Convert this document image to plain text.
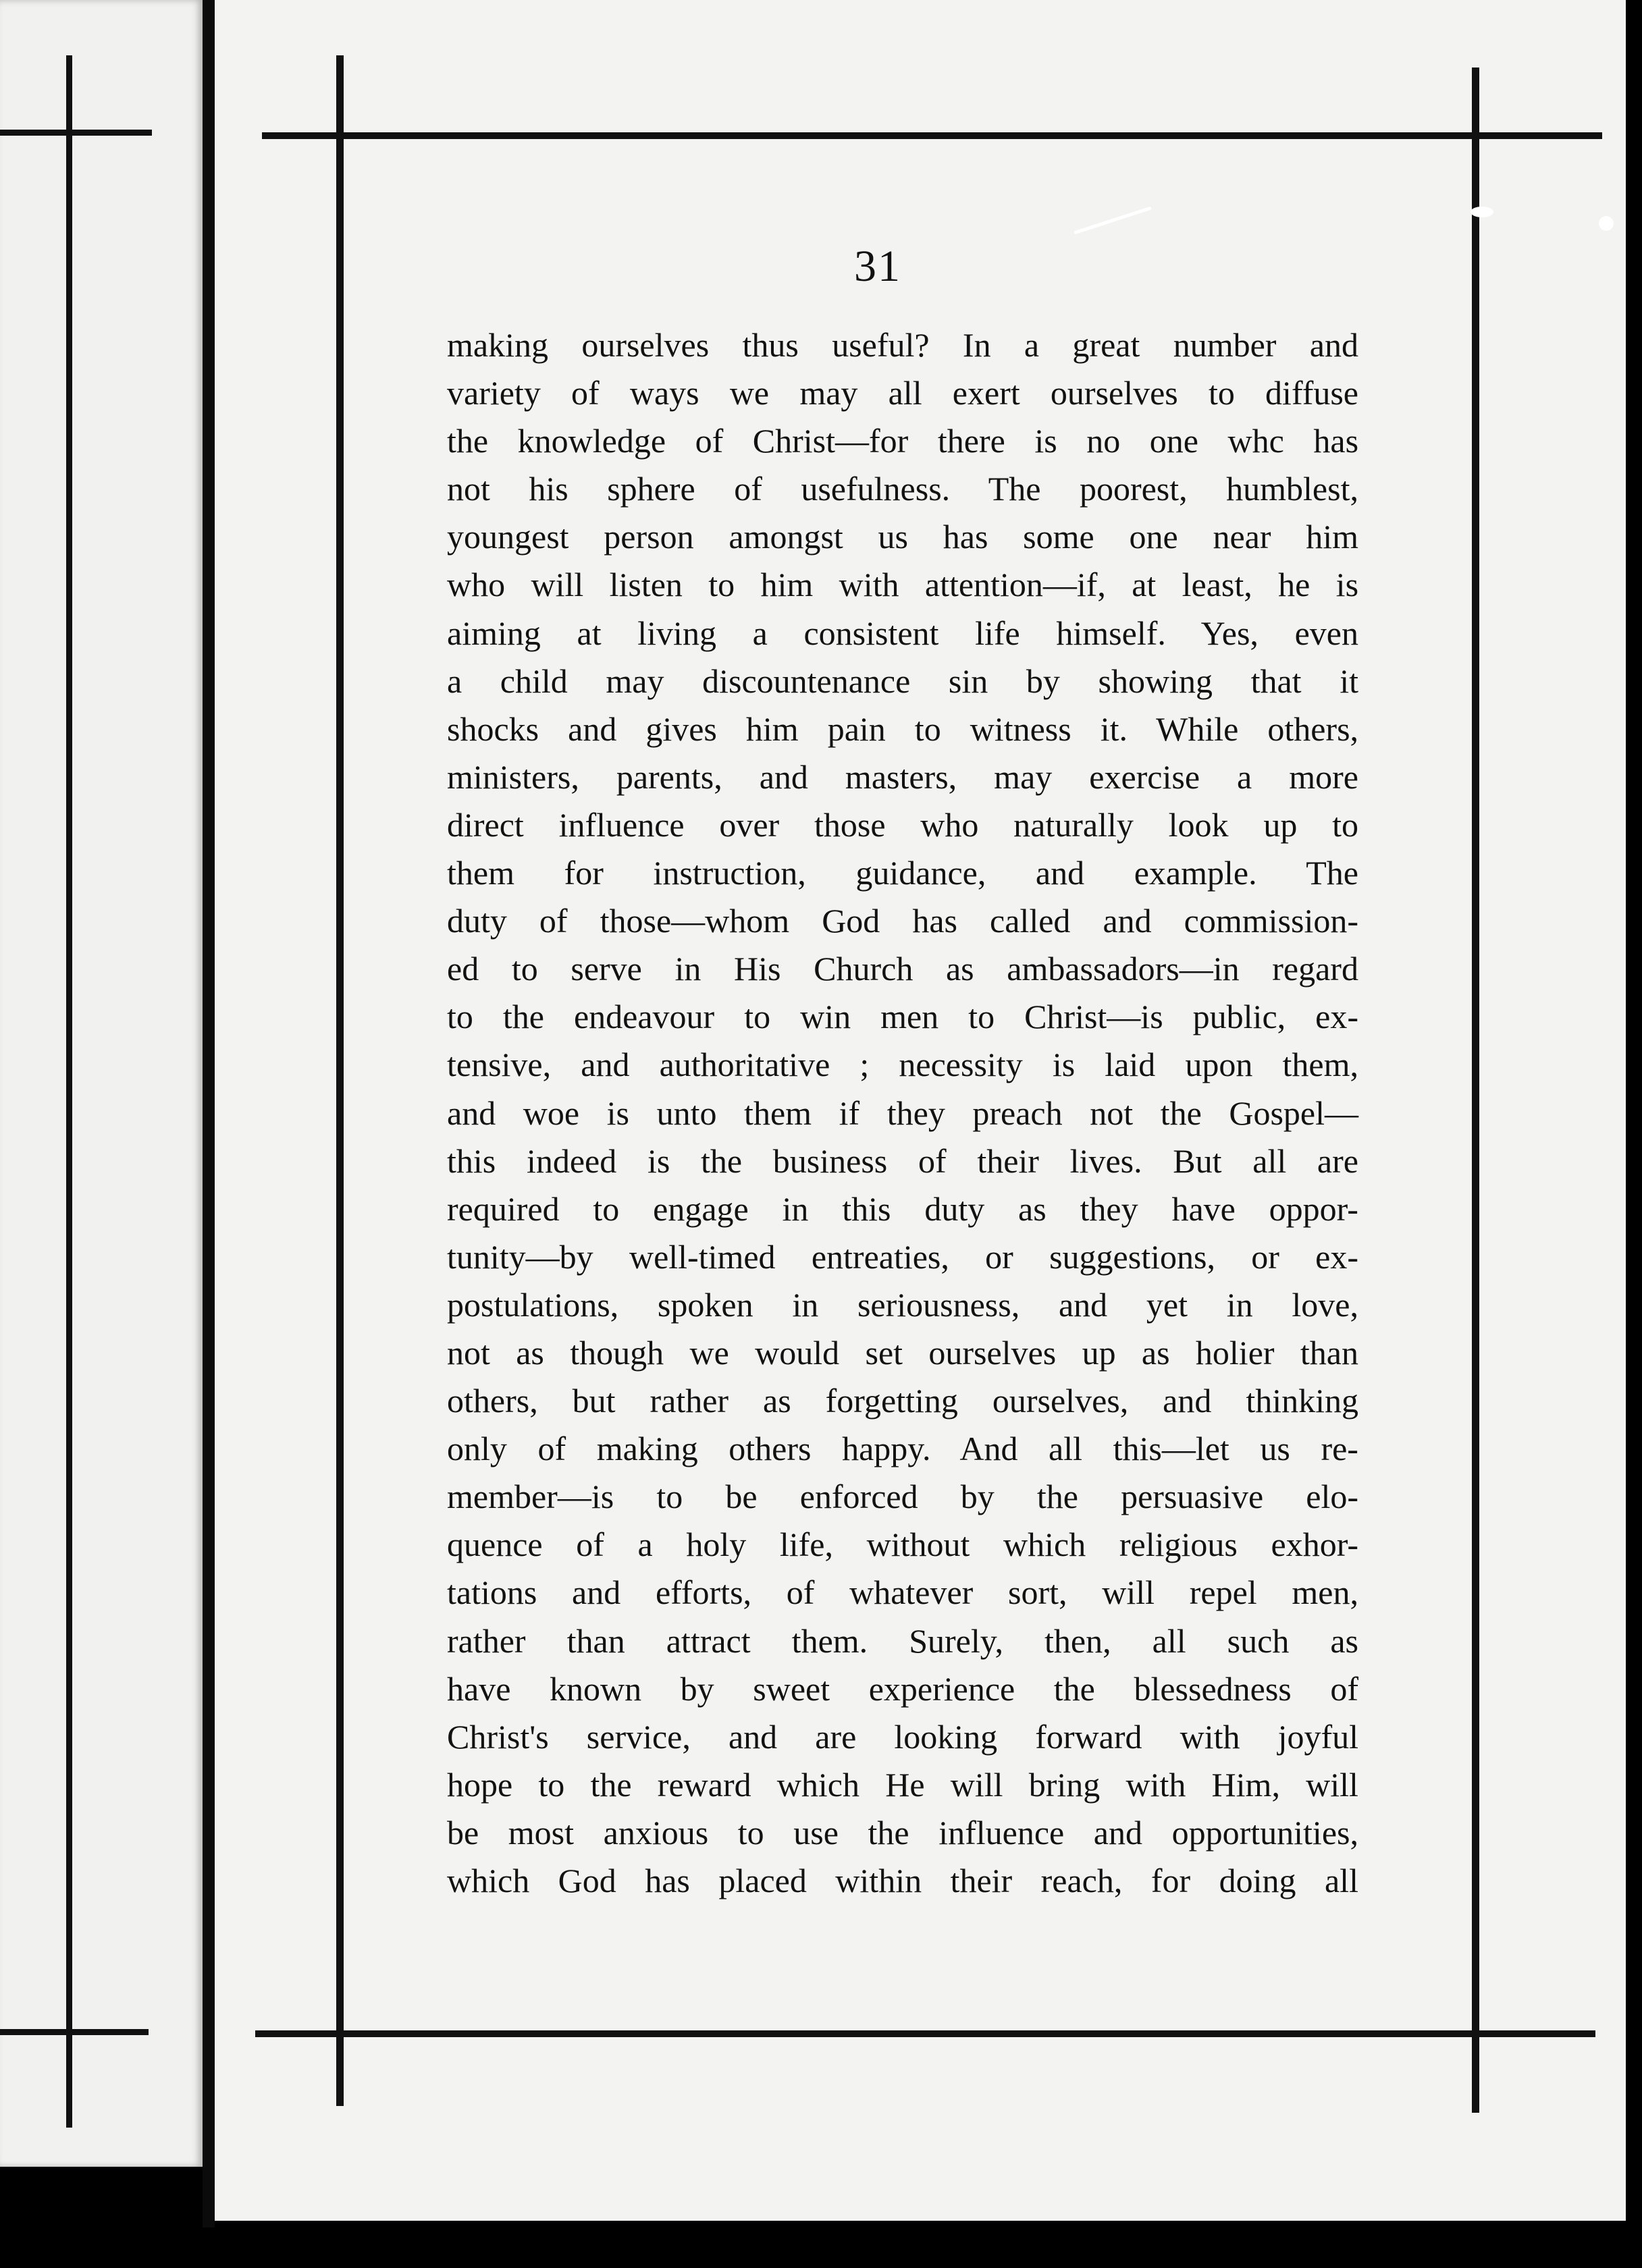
31
making ourselves thus useful? In a great number and
variety of ways we may all exert ourselves to diffuse
the knowledge of Christ—for there is no one whc has
not his sphere of usefulness. The poorest, humblest,
youngest person amongst us has some one near him
who will listen to him with attention—if, at least, he is
aiming at living a consistent life himself. Yes, even
a child may discountenance sin by showing that it
shocks and gives him pain to witness it. While others,
ministers, parents, and masters, may exercise a more
direct influence over those who naturally look up to
them for instruction, guidance, and example. The
duty of those—whom God has called and commission-
ed to serve in His Church as ambassadors—in regard
to the endeavour to win men to Christ—is public, ex-
tensive, and authoritative ; necessity is laid upon them,
and woe is unto them if they preach not the Gospel—
this indeed is the business of their lives. But all are
required to engage in this duty as they have oppor-
tunity—by well-timed entreaties, or suggestions, or ex-
postulations, spoken in seriousness, and yet in love,
not as though we would set ourselves up as holier than
others, but rather as forgetting ourselves, and thinking
only of making others happy. And all this—let us re-
member—is to be enforced by the persuasive elo-
quence of a holy life, without which religious exhor-
tations and efforts, of whatever sort, will repel men,
rather than attract them. Surely, then, all such as
have known by sweet experience the blessedness of
Christ's service, and are looking forward with joyful
hope to the reward which He will bring with Him, will
be most anxious to use the influence and opportunities,
which God has placed within their reach, for doing all
